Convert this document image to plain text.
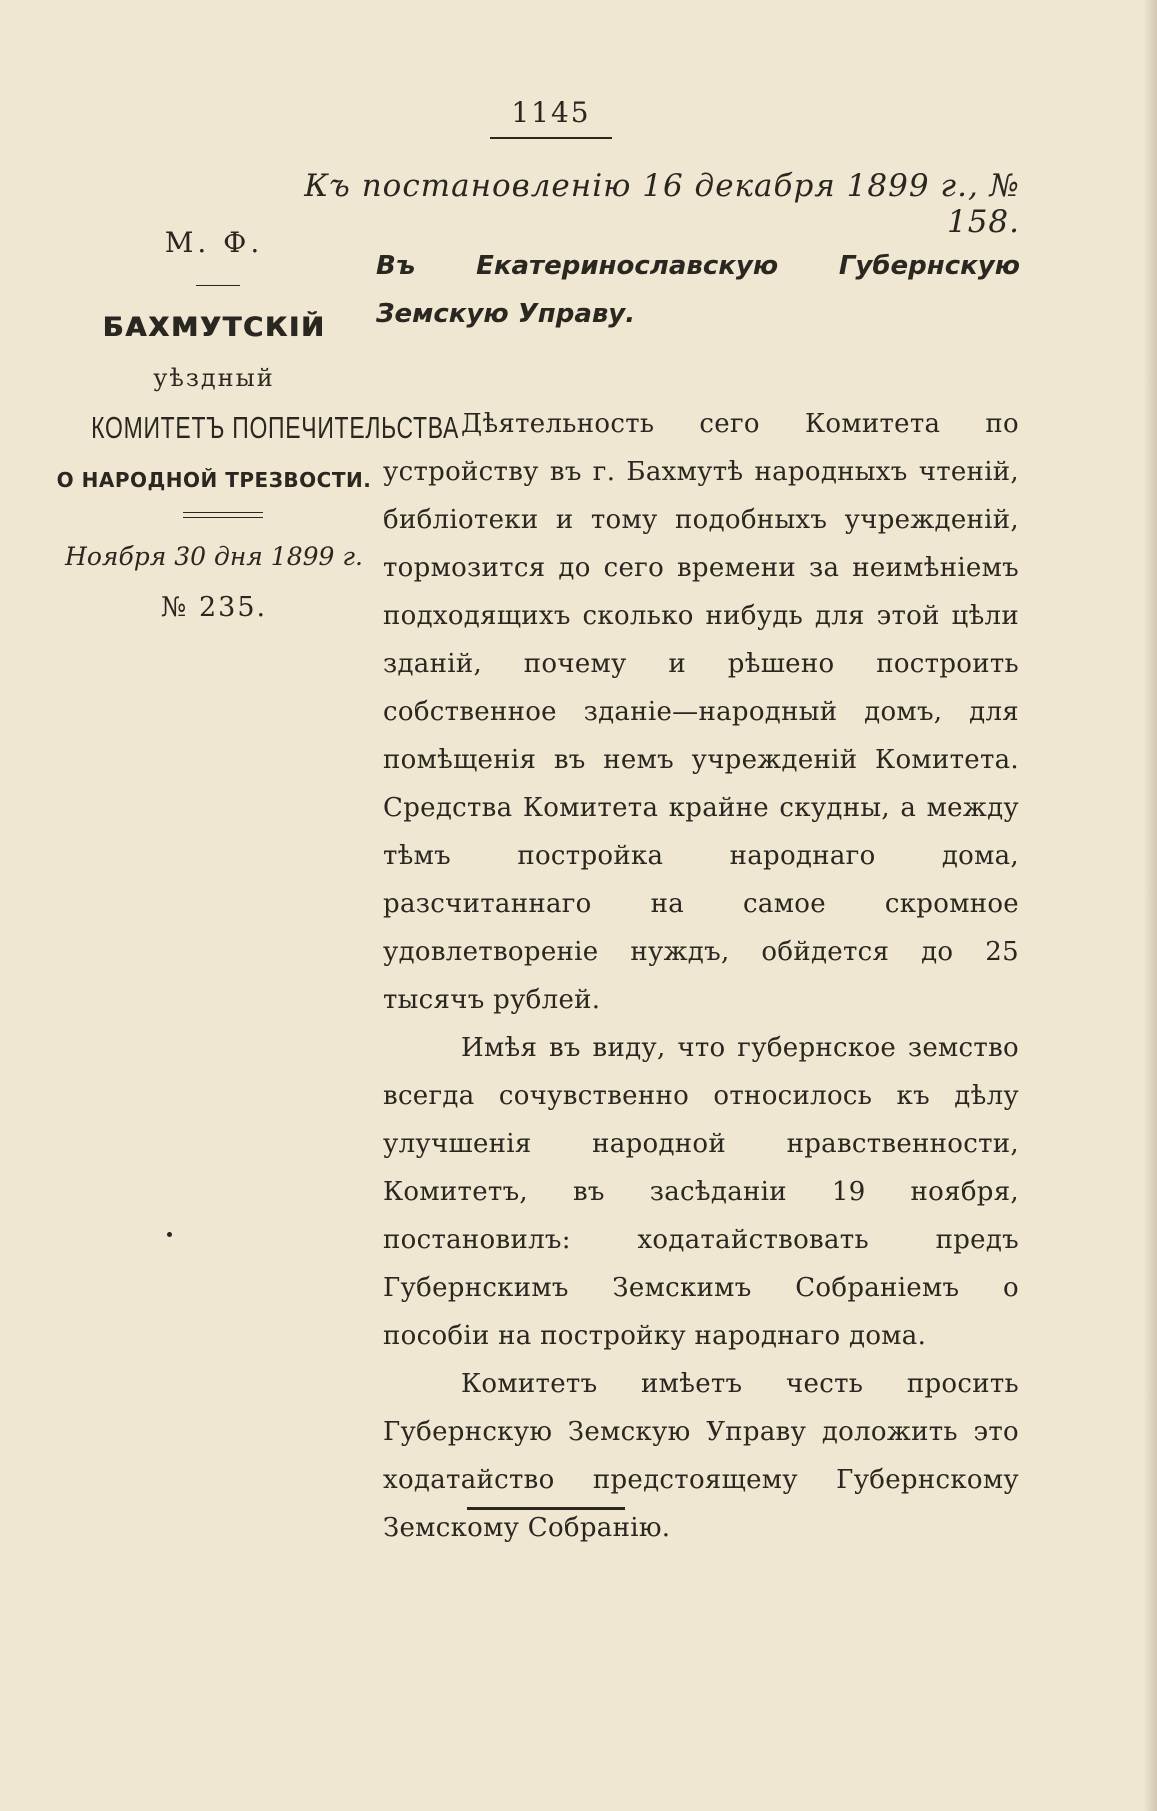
1145
Къ постановленію 16 декабря 1899 г., № 158.
Въ Екатеринославскую Губернскую Земскую Управу.
М. Ф.
БАХМУТСКІЙ
уѣздный
КОМИТЕТЪ ПОПЕЧИТЕЛЬСТВА
О НАРОДНОЙ ТРЕЗВОСТИ.
Ноября 30 дня 1899 г.
№ 235.

Дѣятельность сего Комитета по устройству въ г. Бахмутѣ народныхъ чтеній, библіотеки и тому подобныхъ учрежденій, тормозится до сего времени за неимѣніемъ подходящихъ сколько нибудь для этой цѣли зданій, почему и рѣшено построить собственное зданіе—народный домъ, для помѣщенія въ немъ учрежденій Комитета. Средства Комитета крайне скудны, а между тѣмъ постройка народнаго дома, разсчитаннаго на самое скромное удовлетвореніе нуждъ, обйдется до 25 тысячъ рублей.

Имѣя въ виду, что губернское земство всегда сочувственно относилось къ дѣлу улучшенія народной нравственности, Комитетъ, въ засѣданіи 19 ноября, постановилъ: ходатайствовать предъ Губернскимъ Земскимъ Собраніемъ о пособіи на постройку народнаго дома.

Комитетъ имѣетъ честь просить Губернскую Земскую Управу доложить это ходатайство предстоящему Губернскому Земскому Собранію.
